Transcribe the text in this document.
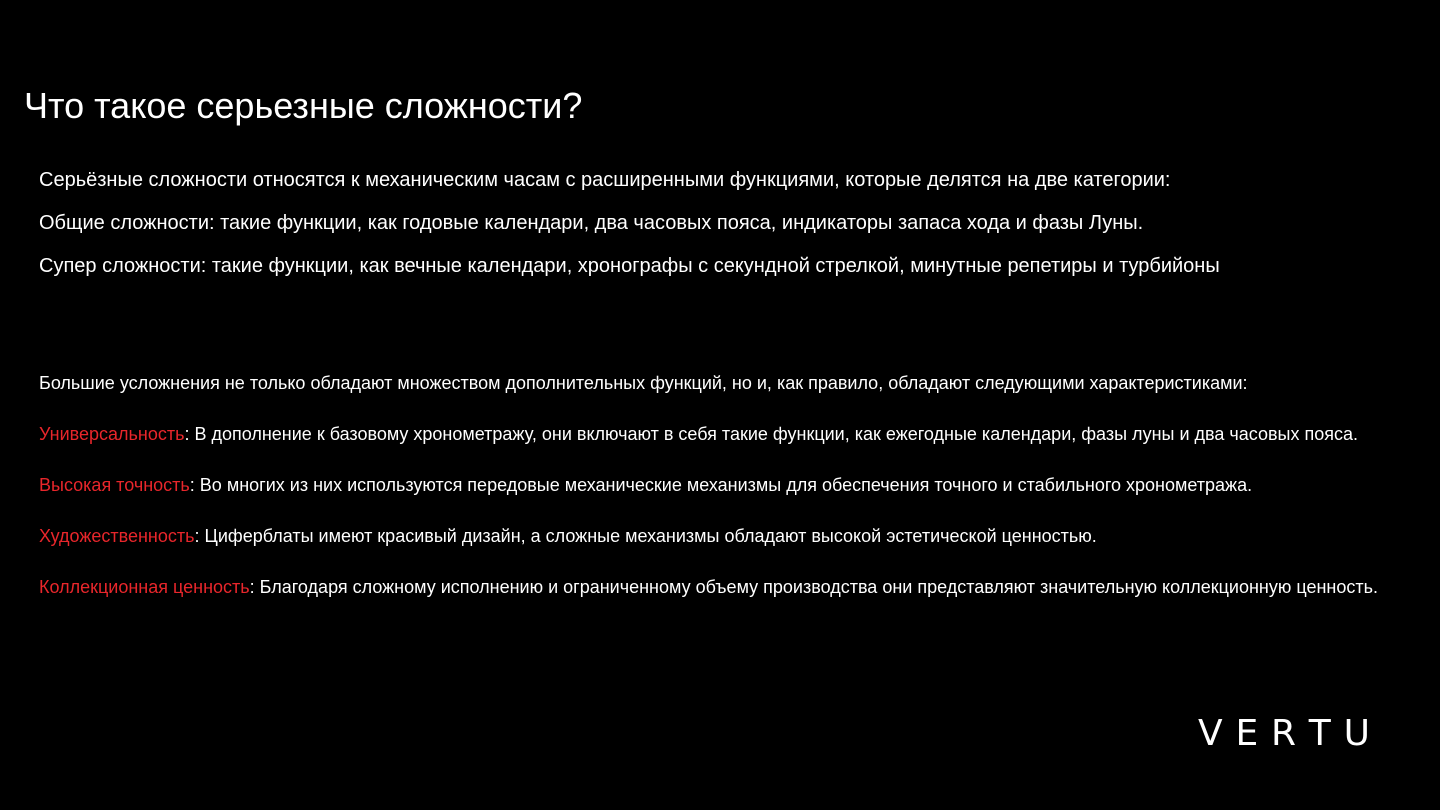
Что такое серьезные сложности?

Серьёзные сложности относятся к механическим часам с расширенными функциями, которые делятся на две категории:

Общие сложности: такие функции, как годовые календари, два часовых пояса, индикаторы запаса хода и фазы Луны.

Супер сложности: такие функции, как вечные календари, хронографы с секундной стрелкой, минутные репетиры и турбийоны

Большие усложнения не только обладают множеством дополнительных функций, но и, как правило, обладают следующими характеристиками:

Универсальность: В дополнение к базовому хронометражу, они включают в себя такие функции, как ежегодные календари, фазы луны и два часовых пояса.

Высокая точность: Во многих из них используются передовые механические механизмы для обеспечения точного и стабильного хронометража.

Художественность: Циферблаты имеют красивый дизайн, а сложные механизмы обладают высокой эстетической ценностью.

Коллекционная ценность: Благодаря сложному исполнению и ограниченному объему производства они представляют значительную коллекционную ценность.

V E R T U
